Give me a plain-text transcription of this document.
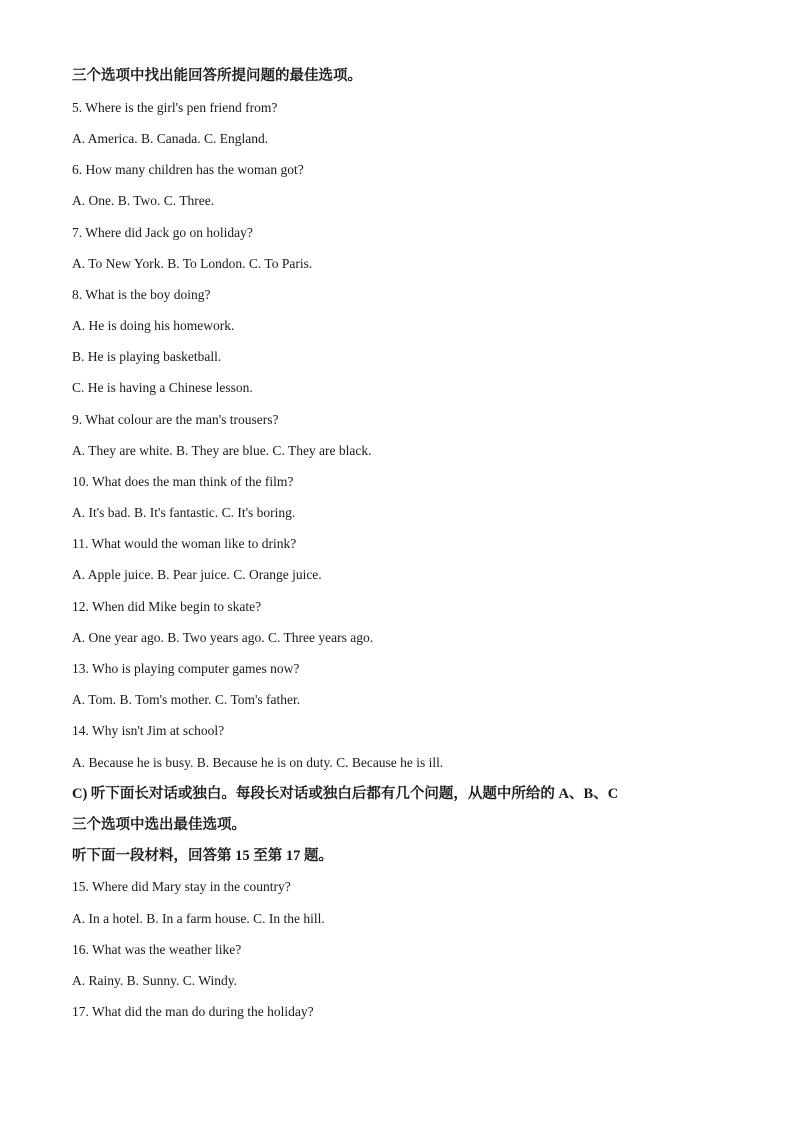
三个选项中找出能回答所提问题的最佳选项。
5. Where is the girl's pen friend from?
A. America. B. Canada. C. England.
6. How many children has the woman got?
A. One. B. Two. C. Three.
7. Where did Jack go on holiday?
A. To New York. B. To London. C. To Paris.
8. What is the boy doing?
A. He is doing his homework.
B. He is playing basketball.
C. He is having a Chinese lesson.
9. What colour are the man's trousers?
A. They are white. B. They are blue. C. They are black.
10. What does the man think of the film?
A. It's bad. B. It's fantastic. C. It's boring.
11. What would the woman like to drink?
A. Apple juice. B. Pear juice. C. Orange juice.
12. When did Mike begin to skate?
A. One year ago. B. Two years ago. C. Three years ago.
13. Who is playing computer games now?
A. Tom. B. Tom's mother. C. Tom's father.
14. Why isn't Jim at school?
A. Because he is busy. B. Because he is on duty. C. Because he is ill.
C) 听下面长对话或独白。每段长对话或独白后都有几个问题，从题中所给的 A、B、C
三个选项中选出最佳选项。
听下面一段材料，回答第 15 至第 17 题。
15. Where did Mary stay in the country?
A. In a hotel. B. In a farm house. C. In the hill.
16. What was the weather like?
A. Rainy. B. Sunny. C. Windy.
17. What did the man do during the holiday?
